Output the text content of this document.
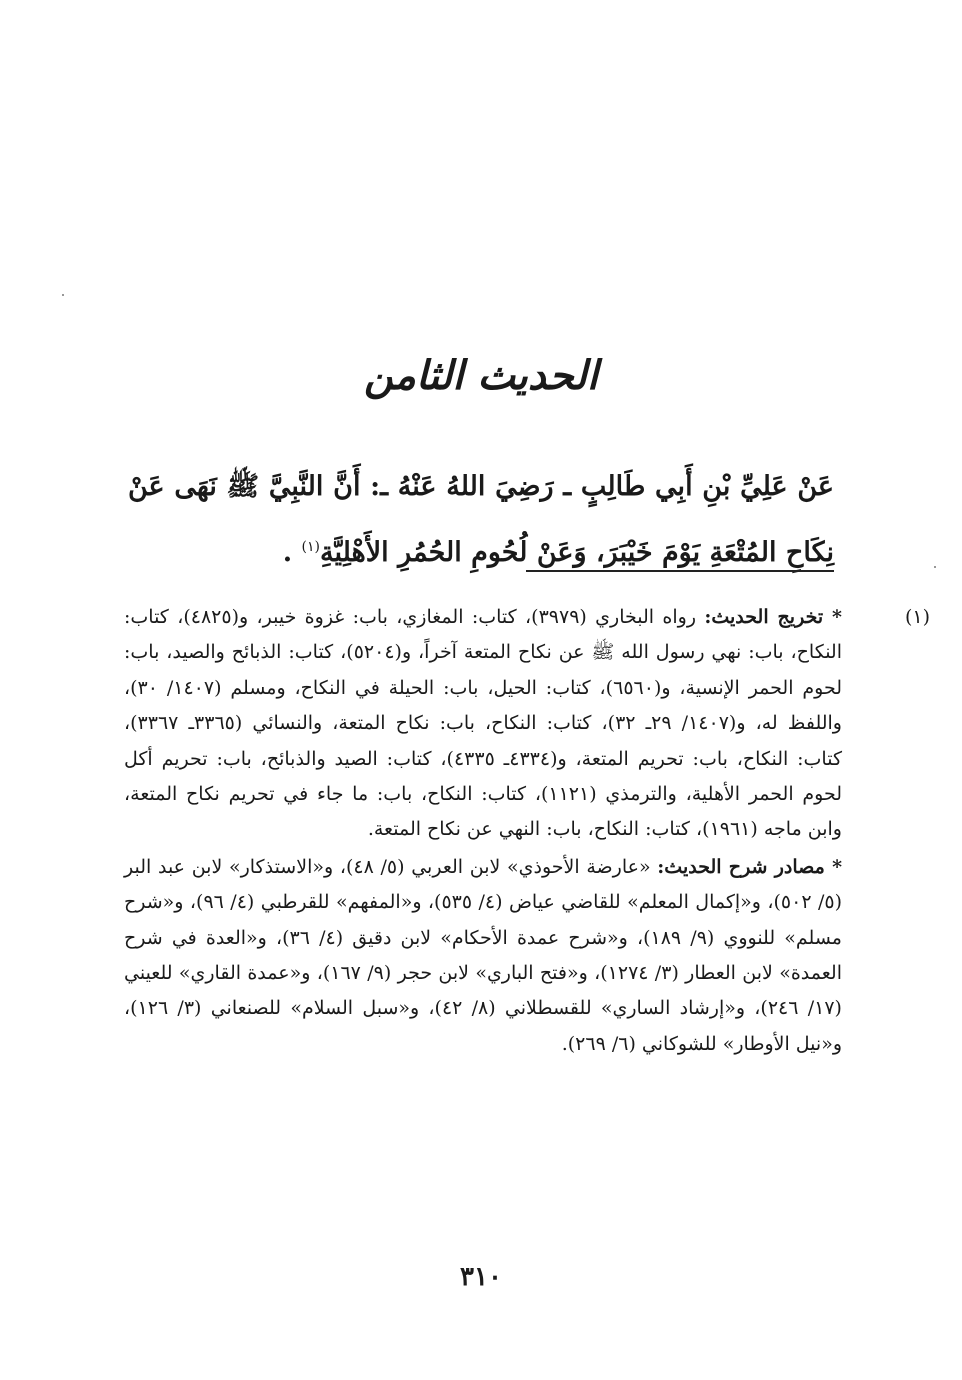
الحديث الثامن
عَنْ عَلِيِّ بْنِ أَبِي طَالِبٍ ـ رَضِيَ اللهُ عَنْهُ ـ: أَنَّ النَّبِيَّ ﷺ نَهَى عَنْ نِكَاحِ المُتْعَةِ يَوْمَ خَيْبَرَ، وَعَنْ لُحُومِ الحُمُرِ الأَهْلِيَّةِ$^{(١)}$ .
(١)

* تخريج الحديث: رواه البخاري (٣٩٧٩)، كتاب: المغازي، باب: غزوة خيبر، و(٤٨٢٥)، كتاب: النكاح، باب: نهي رسول الله ﷺ عن نكاح المتعة آخراً، و(٥٢٠٤)، كتاب: الذبائح والصيد، باب: لحوم الحمر الإنسية، و(٦٥٦٠)، كتاب: الحيل، باب: الحيلة في النكاح، ومسلم (١٤٠٧/ ٣٠)، واللفظ له، و(١٤٠٧/ ٢٩ـ ٣٢)، كتاب: النكاح، باب: نكاح المتعة، والنسائي (٣٣٦٥ـ ٣٣٦٧)، كتاب: النكاح، باب: تحريم المتعة، و(٤٣٣٤ـ ٤٣٣٥)، كتاب: الصيد والذبائح، باب: تحريم أكل لحوم الحمر الأهلية، والترمذي (١١٢١)، كتاب: النكاح، باب: ما جاء في تحريم نكاح المتعة، وابن ماجه (١٩٦١)، كتاب: النكاح، باب: النهي عن نكاح المتعة.

* مصادر شرح الحديث: «عارضة الأحوذي» لابن العربي (٥/ ٤٨)، و«الاستذكار» لابن عبد البر (٥/ ٥٠٢)، و«إكمال المعلم» للقاضي عياض (٤/ ٥٣٥)، و«المفهم» للقرطبي (٤/ ٩٦)، و«شرح مسلم» للنووي (٩/ ١٨٩)، و«شرح عمدة الأحكام» لابن دقيق (٤/ ٣٦)، و«العدة في شرح العمدة» لابن العطار (٣/ ١٢٧٤)، و«فتح الباري» لابن حجر (٩/ ١٦٧)، و«عمدة القاري» للعيني (١٧/ ٢٤٦)، و«إرشاد الساري» للقسطلاني (٨/ ٤٢)، و«سبل السلام» للصنعاني (٣/ ١٢٦)، و«نيل الأوطار» للشوكاني (٦/ ٢٦٩).

٣١٠
